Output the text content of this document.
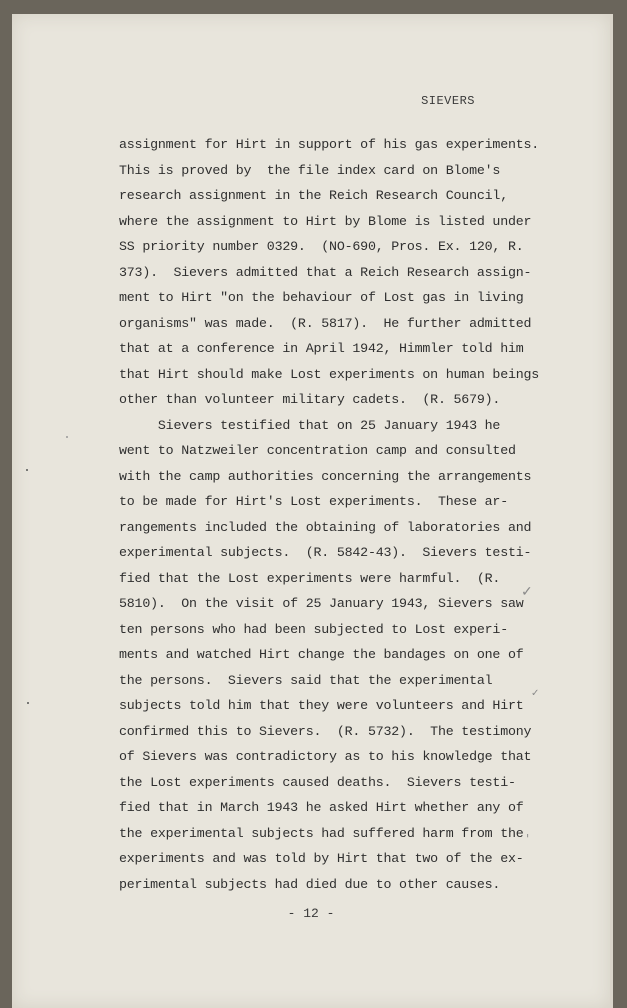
SIEVERS
assignment for Hirt in support of his gas experiments.
This is proved by  the file index card on Blome's
research assignment in the Reich Research Council,
where the assignment to Hirt by Blome is listed under
SS priority number 0329.  (NO-690, Pros. Ex. 120, R.
373).  Sievers admitted that a Reich Research assign-
ment to Hirt "on the behaviour of Lost gas in living
organisms" was made.  (R. 5817).  He further admitted
that at a conference in April 1942, Himmler told him
that Hirt should make Lost experiments on human beings
other than volunteer military cadets.  (R. 5679).
Sievers testified that on 25 January 1943 he
went to Natzweiler concentration camp and consulted
with the camp authorities concerning the arrangements
to be made for Hirt's Lost experiments.  These ar-
rangements included the obtaining of laboratories and
experimental subjects.  (R. 5842-43).  Sievers testi-
fied that the Lost experiments were harmful.  (R.
5810).  On the visit of 25 January 1943, Sievers saw
ten persons who had been subjected to Lost experi-
ments and watched Hirt change the bandages on one of
the persons.  Sievers said that the experimental
subjects told him that they were volunteers and Hirt
confirmed this to Sievers.  (R. 5732).  The testimony
of Sievers was contradictory as to his knowledge that
the Lost experiments caused deaths.  Sievers testi-
fied that in March 1943 he asked Hirt whether any of
the experimental subjects had suffered harm from the
experiments and was told by Hirt that two of the ex-
perimental subjects had died due to other causes.
- 12 -
✓
✓
'
